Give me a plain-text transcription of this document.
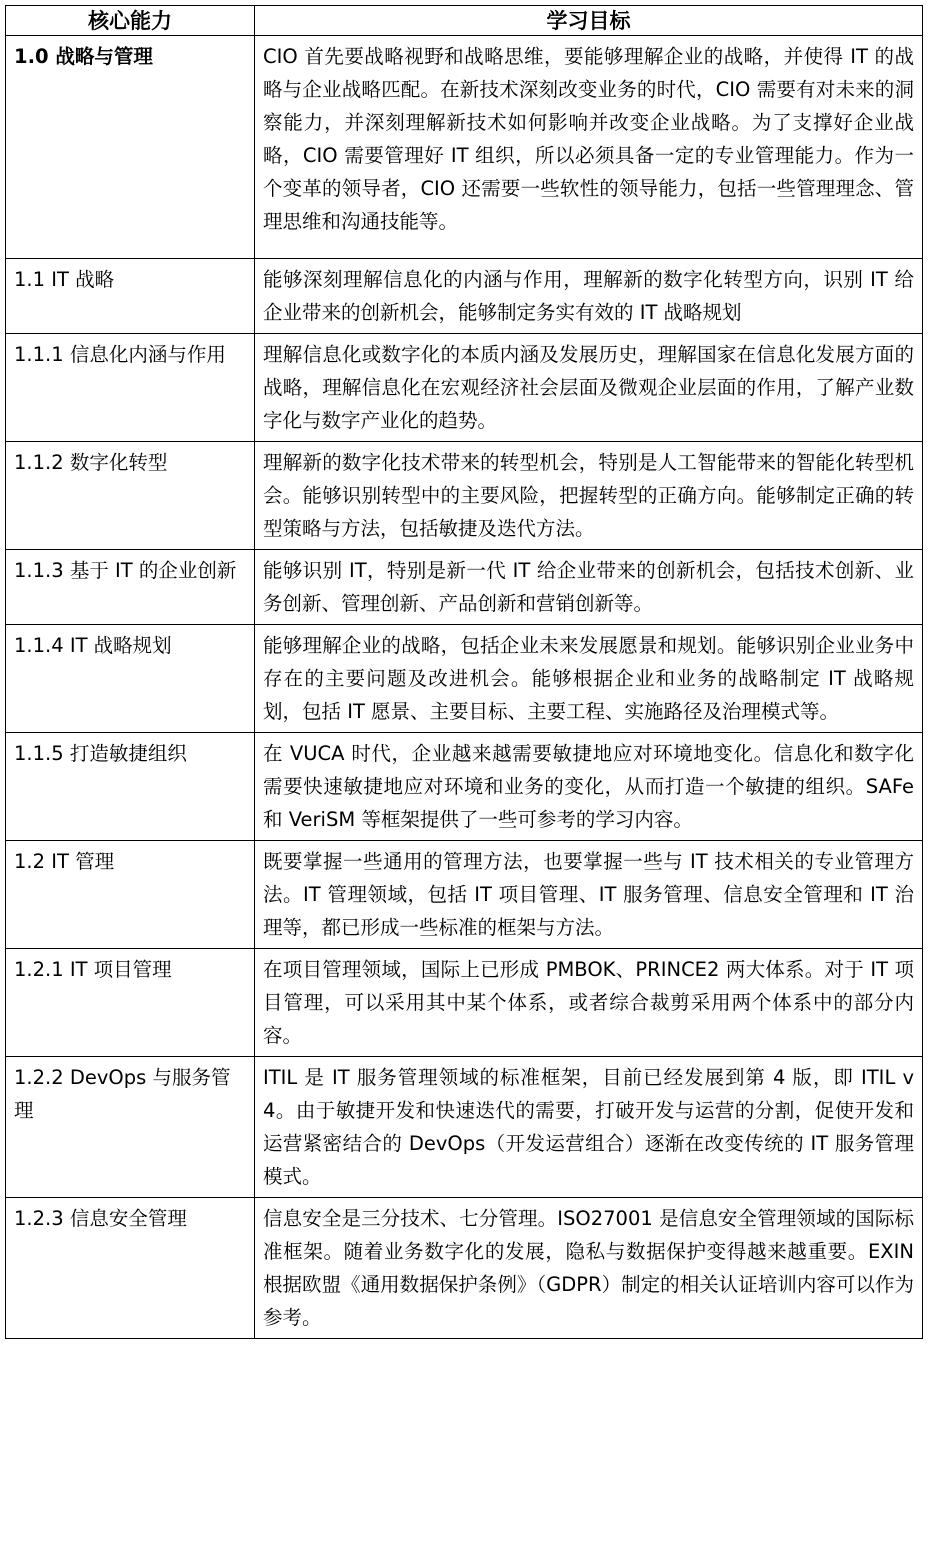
核心能力	学习目标
1.0 战略与管理	CIO 首先要战略视野和战略思维，要能够理解企业的战略，并使得 IT 的战略与企业战略匹配。在新技术深刻改变业务的时代，CIO 需要有对未来的洞察能力，并深刻理解新技术如何影响并改变企业战略。为了支撑好企业战略，CIO 需要管理好 IT 组织，所以必须具备一定的专业管理能力。作为一个变革的领导者，CIO 还需要一些软性的领导能力，包括一些管理理念、管理思维和沟通技能等。
1.1 IT 战略	能够深刻理解信息化的内涵与作用，理解新的数字化转型方向，识别 IT 给企业带来的创新机会，能够制定务实有效的 IT 战略规划
1.1.1 信息化内涵与作用	理解信息化或数字化的本质内涵及发展历史，理解国家在信息化发展方面的战略，理解信息化在宏观经济社会层面及微观企业层面的作用，了解产业数字化与数字产业化的趋势。
1.1.2 数字化转型	理解新的数字化技术带来的转型机会，特别是人工智能带来的智能化转型机会。能够识别转型中的主要风险，把握转型的正确方向。能够制定正确的转型策略与方法，包括敏捷及迭代方法。
1.1.3 基于 IT 的企业创新	能够识别 IT，特别是新一代 IT 给企业带来的创新机会，包括技术创新、业务创新、管理创新、产品创新和营销创新等。
1.1.4 IT 战略规划	能够理解企业的战略，包括企业未来发展愿景和规划。能够识别企业业务中存在的主要问题及改进机会。能够根据企业和业务的战略制定 IT 战略规划，包括 IT 愿景、主要目标、主要工程、实施路径及治理模式等。
1.1.5 打造敏捷组织	在 VUCA 时代，企业越来越需要敏捷地应对环境地变化。信息化和数字化需要快速敏捷地应对环境和业务的变化，从而打造一个敏捷的组织。SAFe 和 VeriSM 等框架提供了一些可参考的学习内容。
1.2 IT 管理	既要掌握一些通用的管理方法，也要掌握一些与 IT 技术相关的专业管理方法。IT 管理领域，包括 IT 项目管理、IT 服务管理、信息安全管理和 IT 治理等，都已形成一些标准的框架与方法。
1.2.1 IT 项目管理	在项目管理领域，国际上已形成 PMBOK、PRINCE2 两大体系。对于 IT 项目管理，可以采用其中某个体系，或者综合裁剪采用两个体系中的部分内容。
1.2.2 DevOps 与服务管理	ITIL 是 IT 服务管理领域的标准框架，目前已经发展到第 4 版，即 ITIL v4。由于敏捷开发和快速迭代的需要，打破开发与运营的分割，促使开发和运营紧密结合的 DevOps（开发运营组合）逐渐在改变传统的 IT 服务管理模式。
1.2.3 信息安全管理	信息安全是三分技术、七分管理。ISO27001 是信息安全管理领域的国际标准框架。随着业务数字化的发展，隐私与数据保护变得越来越重要。EXIN 根据欧盟《通用数据保护条例》（GDPR）制定的相关认证培训内容可以作为参考。
